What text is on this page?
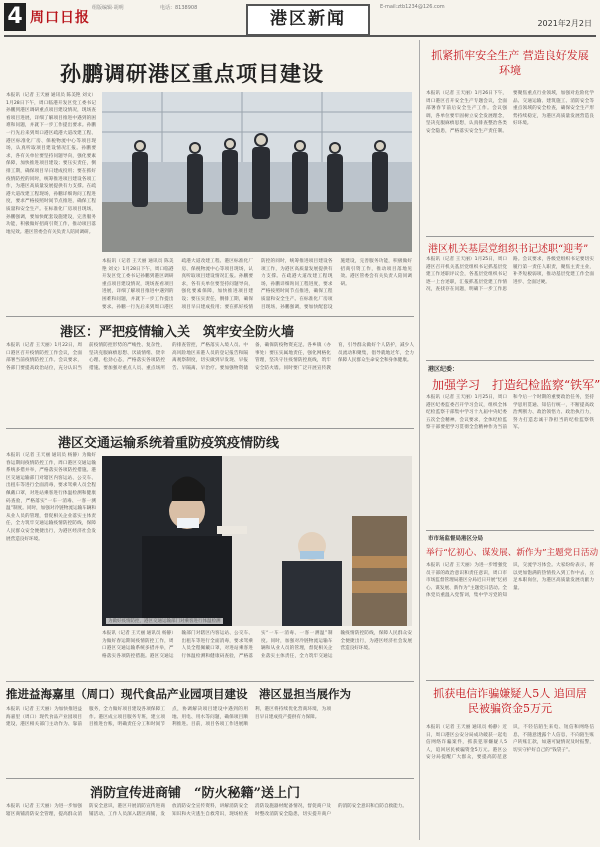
4 周口日报
组版编辑·胡明	电话：8138908
港区新闻
E-mail:ztb1234@126.com
2021年2月2日
孙鹏调研港区重点项目建设
本报讯（记者 王天丽 通讯员 陈美艳 刘文）1月28日下午，周口临港开发区党工委书记孙鹏到港区调研重点项目建设情况，现场查看项目进展，详细了解项目推进中遇到的困难和问题，并就下一步工作提出要求。孙鹏一行先后来到周口港区疏港大道改建工程、港区标准化厂房、保税物流中心等项目现场，认真听取项目建设情况汇报。孙鹏要求，各有关单位要坚持问题导向，强化要素保障，加快推进项目建设；要压实责任，倒排工期，确保项目早日建成投用；要在抓好疫情防控的同时，统筹推进项目建设各项工作，为港区高质量发展提供有力支撑。在疏港大道改建工程现场，孙鹏详细询问工程进度，要求严格按照时间节点推进，确保工程质量和安全生产。在标准化厂房项目现场，孙鹏强调，要加快配套设施建设，完善服务功能，积极做好招商引资工作，推动项目落地见效。港区管委会有关负责人陪同调研。
本报讯（记者 王天丽 通讯员 陈美艳 刘文）1月28日下午，周口临港开发区党工委书记孙鹏到港区调研重点项目建设情况，现场查看项目进展，详细了解项目推进中遇到的困难和问题，并就下一步工作提出要求。孙鹏一行先后来到周口港区疏港大道改建工程、港区标准化厂房、保税物流中心等项目现场，认真听取项目建设情况汇报。孙鹏要求，各有关单位要坚持问题导向，强化要素保障，加快推进项目建设；要压实责任，倒排工期，确保项目早日建成投用；要在抓好疫情防控的同时，统筹推进项目建设各项工作，为港区高质量发展提供有力支撑。在疏港大道改建工程现场，孙鹏详细询问工程进度，要求严格按照时间节点推进，确保工程质量和安全生产。在标准化厂房项目现场，孙鹏强调，要加快配套设施建设，完善服务功能，积极做好招商引资工作，推动项目落地见效。港区管委会有关负责人陪同调研。
港区：严把疫情输入关　筑牢安全防火墙
本报讯（记者 王天丽）1月22日，周口港区召开疫情防控工作会议，全面部署当前疫情防控工作。会议要求，各部门要提高政治站位，充分认识当前疫情防控形势的严峻性、复杂性，坚决克服麻痹思想、厌战情绪、侥幸心理、松劲心态，严格落实各项防控措施。要加强对重点人员、重点场所的排查管控，严格落实入境人员、中高风险地区来港人员的登记报告和隔离观察制度，切实做到早发现、早报告、早隔离、早治疗。要加强物资储备，确保防疫物资充足。各乡镇（办事处）要压实属地责任，强化网格化管理，坚决守住疫情防控底线，筑牢安全防火墙。同时要广泛开展宣传教育，引导群众做好个人防护，减少人员流动和聚集，倡导就地过年，全力保障人民群众生命安全和身体健康。
港区交通运输系统着重防疫筑疫情防线
本报讯（记者 王天丽 通讯员 杨静）为做好春运期间疫情防控工作，周口港区交通运输系统多措并举，严格落实各项防控措施。港区交通运输部门对辖区内客运站、公交车、出租车等进行全面消毒，要求驾乘人员全程佩戴口罩，对进站乘客进行体温检测和健康码查验，严格落实“一车一消毒、一客一测温”制度。同时，加强对冷链物流运输车辆和从业人员的管理，督促相关企业落实主体责任，全力筑牢交通运输疫情防控防线，保障人民群众安全便捷出行，为港区经济社会发展营造良好环境。
为做好疫情防控，港区交通运输部门对乘客进行体温检测
本报讯（记者 王天丽 通讯员 杨静）为做好春运期间疫情防控工作，周口港区交通运输系统多措并举，严格落实各项防控措施。港区交通运输部门对辖区内客运站、公交车、出租车等进行全面消毒，要求驾乘人员全程佩戴口罩，对进站乘客进行体温检测和健康码查验，严格落实“一车一消毒、一客一测温”制度。同时，加强对冷链物流运输车辆和从业人员的管理，督促相关企业落实主体责任，全力筑牢交通运输疫情防控防线，保障人民群众安全便捷出行，为港区经济社会发展营造良好环境。
推进益海嘉里（周口）现代食品产业园项目建设　港区显担当展作为
本报讯（记者 王天丽）为加快推进益海嘉里（周口）现代食品产业园项目建设，港区相关部门主动作为、靠前服务，全力做好项目建设各项保障工作。港区成立项目服务专班，建立项目推进台账，明确责任分工和时间节点，协调解决项目建设中遇到的用地、用电、用水等问题，确保项目顺利推进。目前，项目各项工作进展顺利，港区将持续优化营商环境，为项目早日建成投产提供有力保障。
消防宣传进商铺　“防火秘籍”送上门
本报讯（记者 王天丽）为进一步加强辖区商铺消防安全管理，提高群众消防安全意识，港区开展消防宣传进商铺活动，工作人员深入辖区商铺，发放消防安全宣传资料，讲解消防安全知识和火灾逃生自救常识，现场检查消防设施器材配备情况，督促商户及时整改消防安全隐患，切实提升商户的消防安全意识和自防自救能力。
抓紧抓牢安全生产 营造良好发展环境
本报讯（记者 王天丽）1月26日下午，周口港区召开安全生产专题会议，全面部署春节前后安全生产工作。会议强调，各单位要牢固树立安全发展理念，坚决克服麻痹思想，认真排查整治各类安全隐患，严格落实安全生产责任制。要聚焦重点行业领域，加强对危险化学品、交通运输、建筑施工、消防安全等重点领域的安全检查，确保安全生产形势持续稳定，为港区高质量发展营造良好环境。
港区机关基层党组织书记述职“迎考”
本报讯（记者 王天丽）1月25日，周口港区召开机关基层党组织书记抓基层党建工作述职评议会，各基层党组织书记逐一上台述职，汇报抓基层党建工作情况，查找存在问题，明确下一步工作思路。会议要求，各级党组织书记要切实履行第一责任人职责，聚焦主责主业，补齐短板弱项，推动基层党建工作全面进步、全面过硬。
港区纪委：
加强学习　打造纪检监察“铁军”
本报讯（记者 王天丽）1月25日，周口港区纪委监委召开学习会议，组织全体纪检监察干部集中学习十九届中央纪委五次全会精神。会议要求，全体纪检监察干部要把学习贯彻全会精神作为当前和今后一个时期的重要政治任务，坚持学思用贯通、知信行统一，不断提高政治判断力、政治领悟力、政治执行力，努力打造忠诚干净担当的纪检监察铁军。
市市场监督局港区分局
举行“忆初心、谋发展、新作为”主题党日活动
本报讯（记者 王天丽）为进一步增强党员干部的政治意识和责任意识，周口市市场监督管理局港区分局近日开展“忆初心、谋发展、新作为”主题党日活动。全体党员重温入党誓词，集中学习党的知识，交流学习体会。大家纷纷表示，将以更加饱满的热情投入到工作中去，立足本职岗位，为港区高质量发展贡献力量。
抓获电信诈骗嫌疑人5人 追回居民被骗资金5万元
本报讯（记者 王天丽 通讯员 杨静）近日，周口港区公安分局成功破获一起电信网络诈骗案件，抓获犯罪嫌疑人5人，追回居民被骗资金5万元。港区公安分局提醒广大群众，要提高防范意识，不轻信陌生来电、短信和网络信息，不随意透露个人信息，不向陌生账户转账汇款，如遇可疑情况及时报警，切实守护好自己的“钱袋子”。
